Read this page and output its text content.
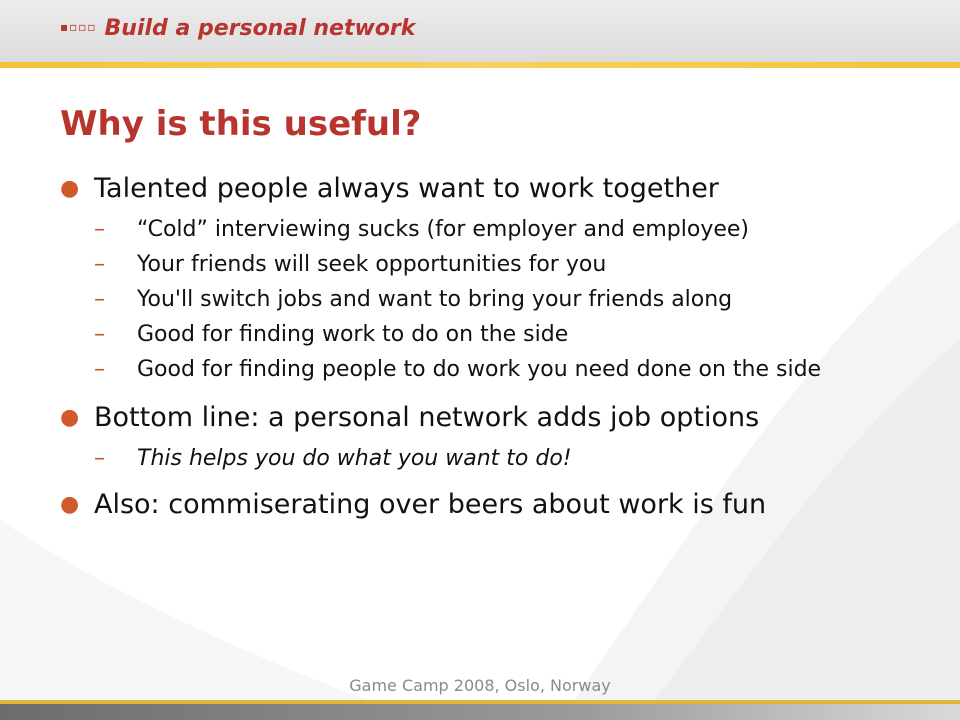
▪▫▫▫ Build a personal network
Why is this useful?
● Talented people always want to work together
– “Cold” interviewing sucks (for employer and employee)
– Your friends will seek opportunities for you
– You'll switch jobs and want to bring your friends along
– Good for finding work to do on the side
– Good for finding people to do work you need done on the side
● Bottom line: a personal network adds job options
– This helps you do what you want to do!
● Also: commiserating over beers about work is fun
Game Camp 2008, Oslo, Norway
